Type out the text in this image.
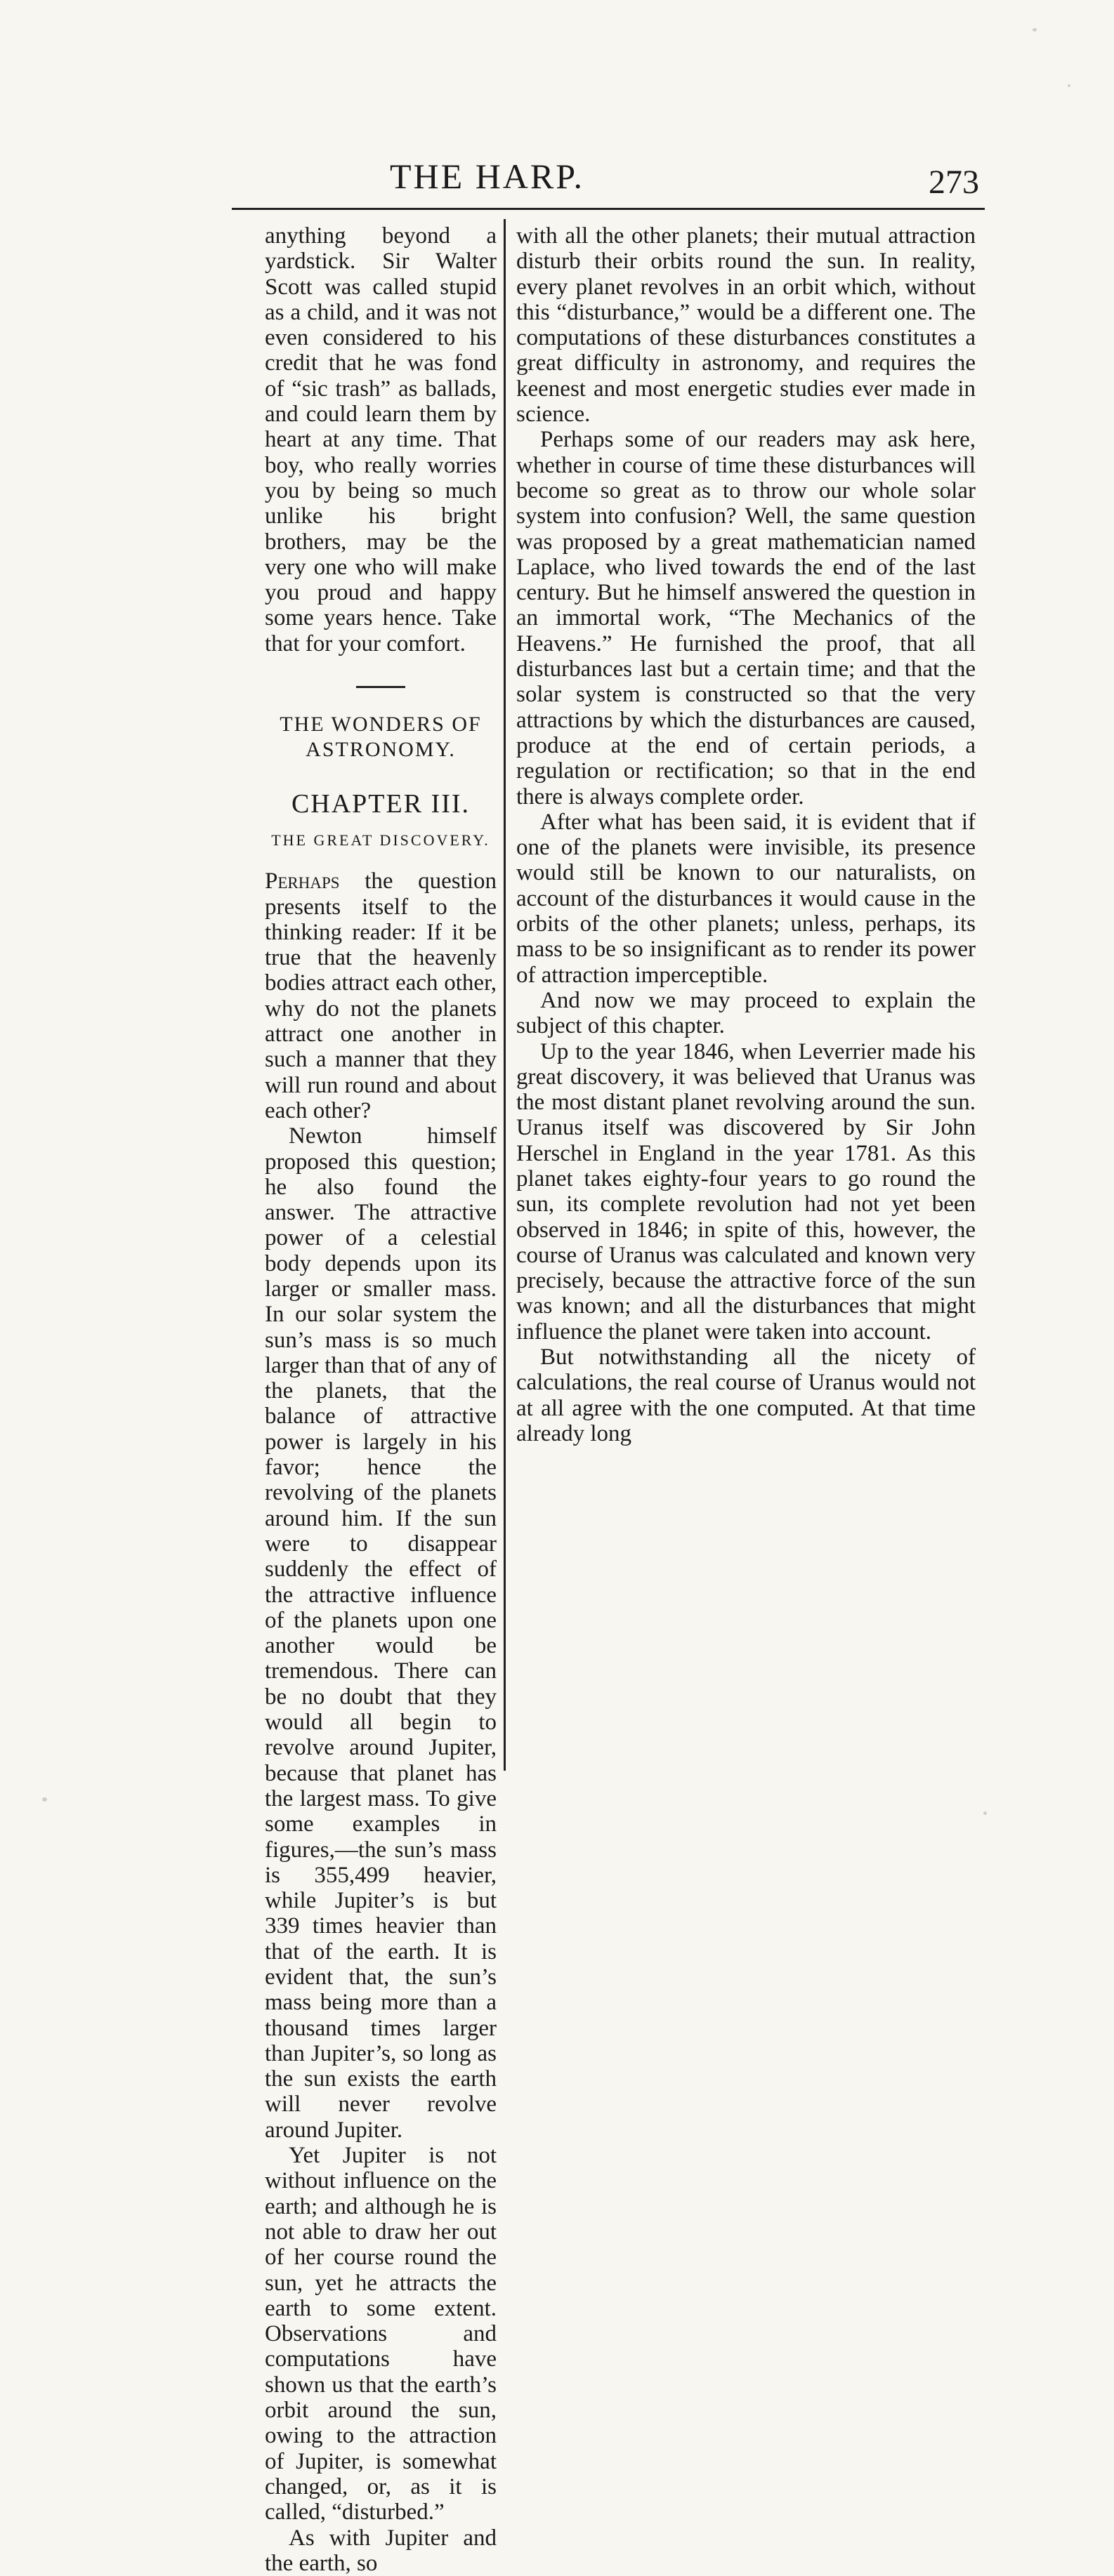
THE HARP.	273

anything beyond a yardstick. Sir Walter Scott was called stupid as a child, and it was not even considered to his credit that he was fond of “sic trash” as ballads, and could learn them by heart at any time. That boy, who really worries you by being so much unlike his bright brothers, may be the very one who will make you proud and happy some years hence. Take that for your comfort.

THE WONDERS OF ASTRONOMY.
CHAPTER III.
THE GREAT DISCOVERY.

Perhaps the question presents itself to the thinking reader: If it be true that the heavenly bodies attract each other, why do not the planets attract one another in such a manner that they will run round and about each other?

Newton himself proposed this question; he also found the answer. The attractive power of a celestial body depends upon its larger or smaller mass. In our solar system the sun’s mass is so much larger than that of any of the planets, that the balance of attractive power is largely in his favor; hence the revolving of the planets around him. If the sun were to disappear suddenly the effect of the attractive influence of the planets upon one another would be tremendous. There can be no doubt that they would all begin to revolve around Jupiter, because that planet has the largest mass. To give some examples in figures,—the sun’s mass is 355,499 heavier, while Jupiter’s is but 339 times heavier than that of the earth. It is evident that, the sun’s mass being more than a thousand times larger than Jupiter’s, so long as the sun exists the earth will never revolve around Jupiter.

Yet Jupiter is not without influence on the earth; and although he is not able to draw her out of her course round the sun, yet he attracts the earth to some extent. Observations and computations have shown us that the earth’s orbit around the sun, owing to the attraction of Jupiter, is somewhat changed, or, as it is called, “disturbed.”

As with Jupiter and the earth, so

with all the other planets; their mutual attraction disturb their orbits round the sun. In reality, every planet revolves in an orbit which, without this “disturbance,” would be a different one. The computations of these disturbances constitutes a great difficulty in astronomy, and requires the keenest and most energetic studies ever made in science.

Perhaps some of our readers may ask here, whether in course of time these disturbances will become so great as to throw our whole solar system into confusion? Well, the same question was proposed by a great mathematician named Laplace, who lived towards the end of the last century. But he himself answered the question in an immortal work, “The Mechanics of the Heavens.” He furnished the proof, that all disturbances last but a certain time; and that the solar system is constructed so that the very attractions by which the disturbances are caused, produce at the end of certain periods, a regulation or rectification; so that in the end there is always complete order.

After what has been said, it is evident that if one of the planets were invisible, its presence would still be known to our naturalists, on account of the disturbances it would cause in the orbits of the other planets; unless, perhaps, its mass to be so insignificant as to render its power of attraction imperceptible.

And now we may proceed to explain the subject of this chapter.

Up to the year 1846, when Leverrier made his great discovery, it was believed that Uranus was the most distant planet revolving around the sun. Uranus itself was discovered by Sir John Herschel in England in the year 1781. As this planet takes eighty-four years to go round the sun, its complete revolution had not yet been observed in 1846; in spite of this, however, the course of Uranus was calculated and known very precisely, because the attractive force of the sun was known; and all the disturbances that might influence the planet were taken into account.

But notwithstanding all the nicety of calculations, the real course of Uranus would not at all agree with the one computed. At that time already long
